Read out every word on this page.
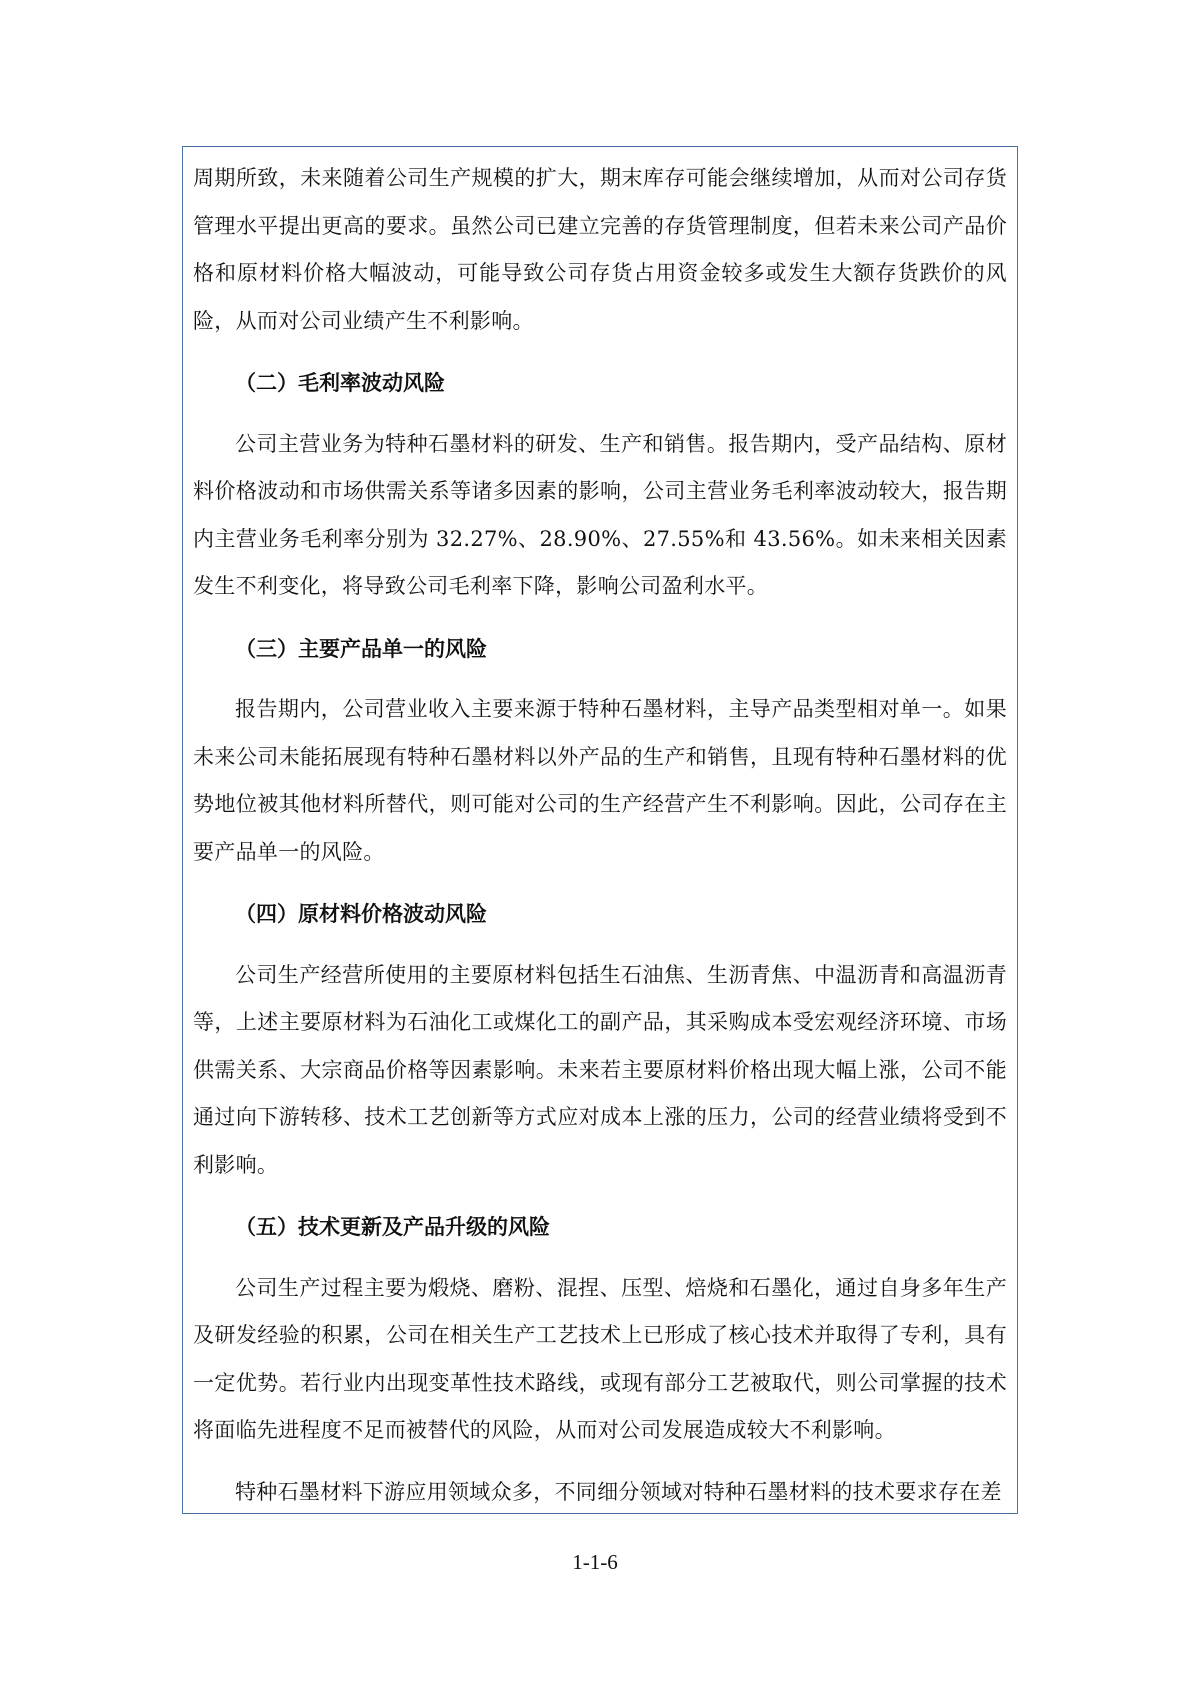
周期所致，未来随着公司生产规模的扩大，期末库存可能会继续增加，从而对公司存货管理水平提出更高的要求。虽然公司已建立完善的存货管理制度，但若未来公司产品价格和原材料价格大幅波动，可能导致公司存货占用资金较多或发生大额存货跌价的风险，从而对公司业绩产生不利影响。

（二）毛利率波动风险

公司主营业务为特种石墨材料的研发、生产和销售。报告期内，受产品结构、原材料价格波动和市场供需关系等诸多因素的影响，公司主营业务毛利率波动较大，报告期内主营业务毛利率分别为 32.27%、28.90%、27.55%和 43.56%。如未来相关因素发生不利变化，将导致公司毛利率下降，影响公司盈利水平。

（三）主要产品单一的风险

报告期内，公司营业收入主要来源于特种石墨材料，主导产品类型相对单一。如果未来公司未能拓展现有特种石墨材料以外产品的生产和销售，且现有特种石墨材料的优势地位被其他材料所替代，则可能对公司的生产经营产生不利影响。因此，公司存在主要产品单一的风险。

（四）原材料价格波动风险

公司生产经营所使用的主要原材料包括生石油焦、生沥青焦、中温沥青和高温沥青等，上述主要原材料为石油化工或煤化工的副产品，其采购成本受宏观经济环境、市场供需关系、大宗商品价格等因素影响。未来若主要原材料价格出现大幅上涨，公司不能通过向下游转移、技术工艺创新等方式应对成本上涨的压力，公司的经营业绩将受到不利影响。

（五）技术更新及产品升级的风险

公司生产过程主要为煅烧、磨粉、混捏、压型、焙烧和石墨化，通过自身多年生产及研发经验的积累，公司在相关生产工艺技术上已形成了核心技术并取得了专利，具有一定优势。若行业内出现变革性技术路线，或现有部分工艺被取代，则公司掌握的技术将面临先进程度不足而被替代的风险，从而对公司发展造成较大不利影响。

特种石墨材料下游应用领域众多，不同细分领域对特种石墨材料的技术要求存在差

1-1-6
